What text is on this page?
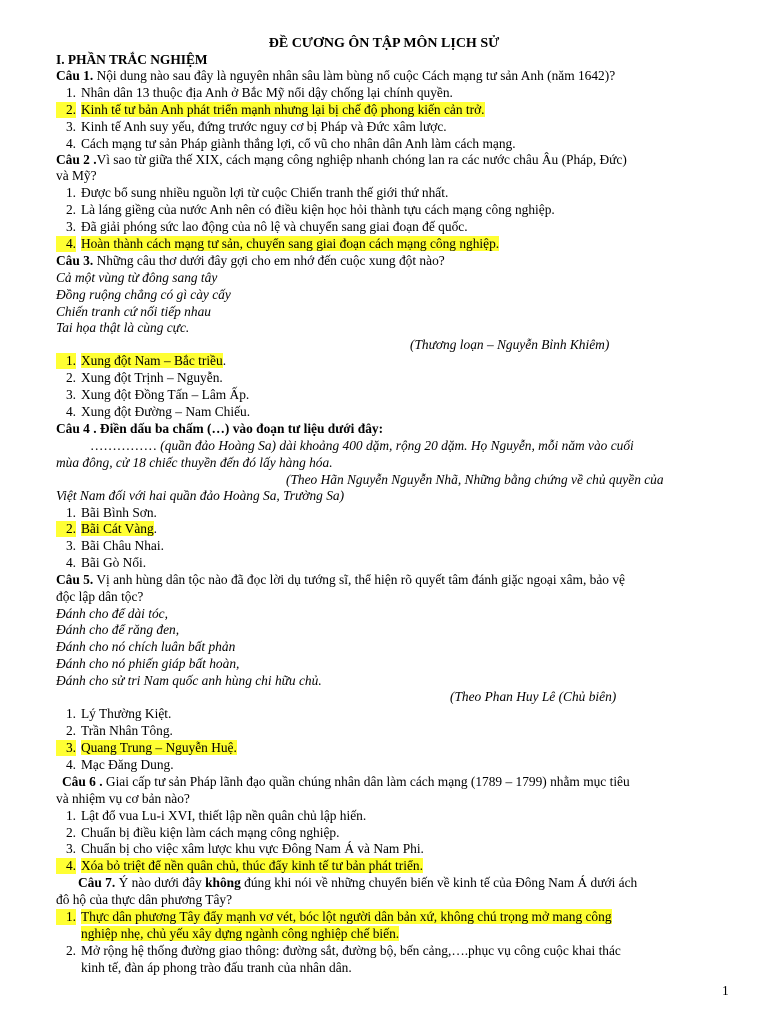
ĐỀ CƯƠNG ÔN TẬP MÔN LỊCH SỬ
I. PHẦN TRẮC NGHIỆM
Câu 1. Nội dung nào sau đây là nguyên nhân sâu làm bùng nổ cuộc Cách mạng tư sản Anh (năm 1642)?
1. Nhân dân 13 thuộc địa Anh ở Bắc Mỹ nổi dậy chống lại chính quyền.
2. Kinh tế tư bản Anh phát triển mạnh nhưng lại bị chế độ phong kiến cản trở.
3. Kinh tế Anh suy yếu, đứng trước nguy cơ bị Pháp và Đức xâm lược.
4. Cách mạng tư sản Pháp giành thắng lợi, cổ vũ cho nhân dân Anh làm cách mạng.
Câu 2 .Vì sao từ giữa thế XIX, cách mạng công nghiệp nhanh chóng lan ra các nước châu Âu (Pháp, Đức)
và Mỹ?
1. Được bổ sung nhiều nguồn lợi từ cuộc Chiến tranh thế giới thứ nhất.
2. Là láng giềng của nước Anh nên có điều kiện học hỏi thành tựu cách mạng công nghiệp.
3. Đã giải phóng sức lao động của nô lệ và chuyển sang giai đoạn đế quốc.
4. Hoàn thành cách mạng tư sản, chuyển sang giai đoạn cách mạng công nghiệp.
Câu 3. Những câu thơ dưới đây gợi cho em nhớ đến cuộc xung đột nào?
Cả một vùng từ đông sang tây
Đồng ruộng chẳng có gì cày cấy
Chiến tranh cứ nối tiếp nhau
Tai họa thật là cùng cực.
(Thương loạn – Nguyễn Bỉnh Khiêm)
1. Xung đột Nam – Bắc triều.
2. Xung đột Trịnh – Nguyễn.
3. Xung đột Đồng Tấn – Lâm Ấp.
4. Xung đột Đường – Nam Chiếu.
Câu 4 . Điền dấu ba chấm (…) vào đoạn tư liệu dưới đây:
…………… (quần đảo Hoàng Sa) dài khoảng 400 dặm, rộng 20 dặm. Họ Nguyễn, mỗi năm vào cuối
mùa đông, cử 18 chiếc thuyền đến đó lấy hàng hóa.
(Theo Hãn Nguyễn Nguyễn Nhã, Những bằng chứng về chủ quyền của
Việt Nam đối với hai quần đảo Hoàng Sa, Trường Sa)
1. Bãi Bình Sơn.
2. Bãi Cát Vàng.
3. Bãi Châu Nhai.
4. Bãi Gò Nổi.
Câu 5. Vị anh hùng dân tộc nào đã đọc lời dụ tướng sĩ, thể hiện rõ quyết tâm đánh giặc ngoại xâm, bảo vệ
độc lập dân tộc?
Đánh cho để dài tóc,
Đánh cho để răng đen,
Đánh cho nó chích luân bất phản
Đánh cho nó phiến giáp bất hoàn,
Đánh cho sử tri Nam quốc anh hùng chi hữu chủ.
(Theo Phan Huy Lê (Chủ biên)
1. Lý Thường Kiệt.
2. Trần Nhân Tông.
3. Quang Trung – Nguyễn Huệ.
4. Mạc Đăng Dung.
Câu 6 . Giai cấp tư sản Pháp lãnh đạo quần chúng nhân dân làm cách mạng (1789 – 1799) nhằm mục tiêu
và nhiệm vụ cơ bản nào?
1. Lật đổ vua Lu-i XVI, thiết lập nền quân chủ lập hiến.
2. Chuẩn bị điều kiện làm cách mạng công nghiệp.
3. Chuẩn bị cho việc xâm lược khu vực Đông Nam Á và Nam Phi.
4. Xóa bỏ triệt để nền quân chủ, thúc đẩy kinh tế tư bản phát triển.
Câu 7. Ý nào dưới đây không đúng khi nói về những chuyển biến về kinh tế của Đông Nam Á dưới ách
đô hộ của thực dân phương Tây?
1. Thực dân phương Tây đẩy mạnh vơ vét, bóc lột người dân bản xứ, không chú trọng mở mang công
nghiệp nhẹ, chủ yếu xây dựng ngành công nghiệp chế biến.
2. Mở rộng hệ thống đường giao thông: đường sắt, đường bộ, bến cảng,….phục vụ công cuộc khai thác
kinh tế, đàn áp phong trào đấu tranh của nhân dân.
1
